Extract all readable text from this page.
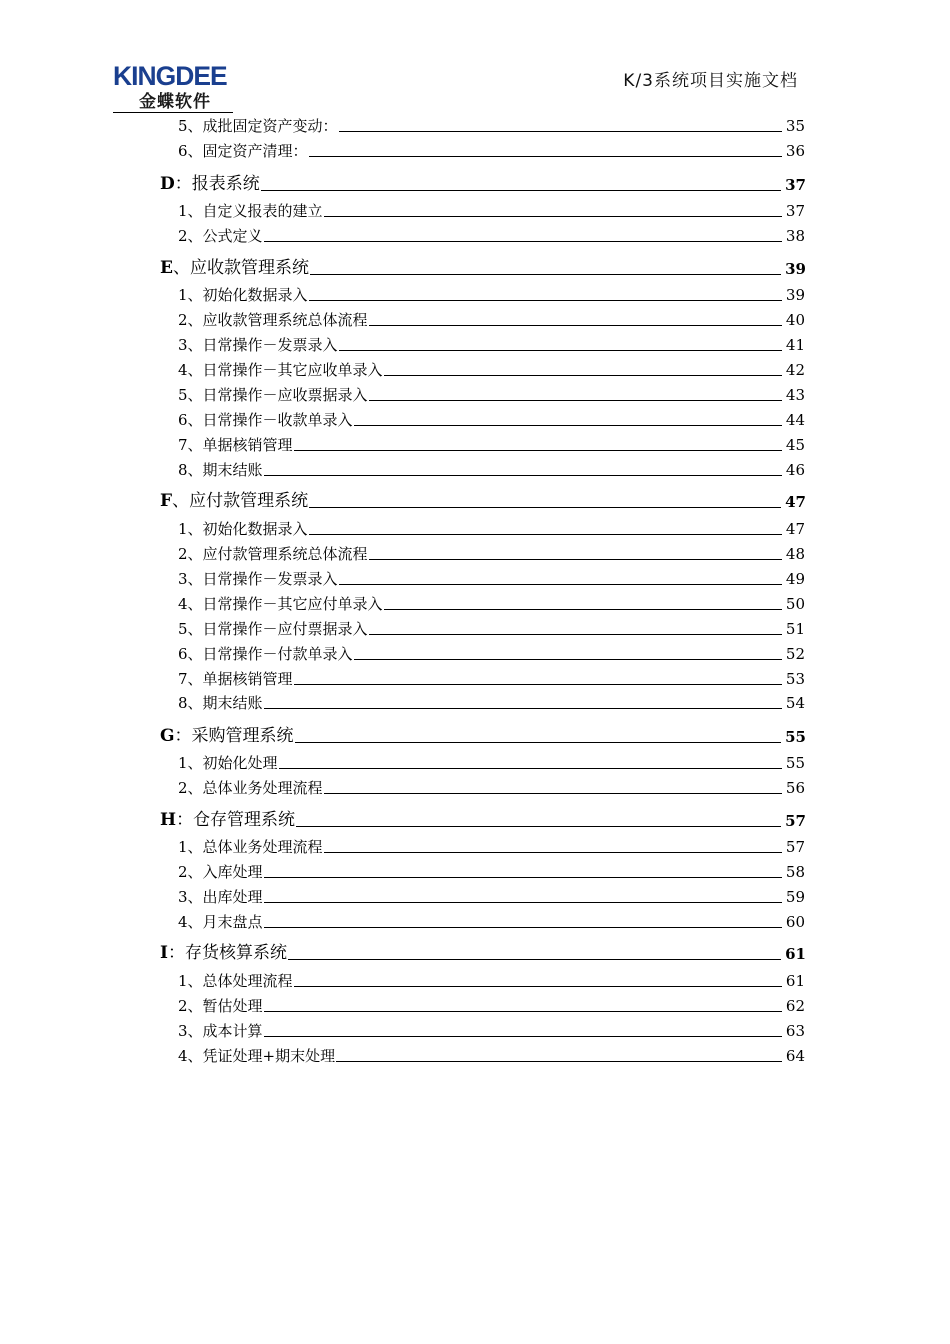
KINGDEE
金蝶软件
K/3系统项目实施文档
5、成批固定资产变动：	35
6、固定资产清理：	36
D：报表系统	37
1、自定义报表的建立	37
2、公式定义	38
E、应收款管理系统	39
1、初始化数据录入	39
2、应收款管理系统总体流程	40
3、日常操作－发票录入	41
4、日常操作－其它应收单录入	42
5、日常操作－应收票据录入	43
6、日常操作－收款单录入	44
7、单据核销管理	45
8、期末结账	46
F、应付款管理系统	47
1、初始化数据录入	47
2、应付款管理系统总体流程	48
3、日常操作－发票录入	49
4、日常操作－其它应付单录入	50
5、日常操作－应付票据录入	51
6、日常操作－付款单录入	52
7、单据核销管理	53
8、期末结账	54
G：采购管理系统	55
1、初始化处理	55
2、总体业务处理流程	56
H：仓存管理系统	57
1、总体业务处理流程	57
2、入库处理	58
3、出库处理	59
4、月末盘点	60
I：存货核算系统	61
1、总体处理流程	61
2、暂估处理	62
3、成本计算	63
4、凭证处理+期末处理	64
